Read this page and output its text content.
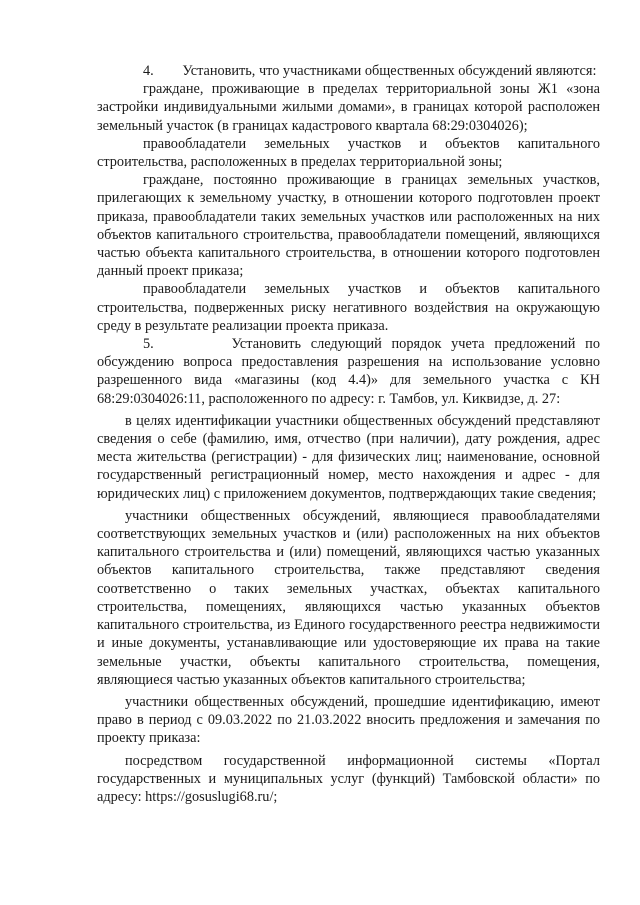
4.        Установить, что участниками общественных обсуждений являются:

граждане, проживающие в пределах территориальной зоны Ж1 «зона застройки индивидуальными жилыми домами», в границах которой расположен земельный участок (в границах кадастрового квартала 68:29:0304026);

правообладатели земельных участков и объектов капитального строительства, расположенных в пределах территориальной зоны;

граждане, постоянно проживающие в границах земельных участков, прилегающих к земельному участку, в отношении которого подготовлен проект приказа, правообладатели таких земельных участков или расположенных на них объектов капитального строительства, правообладатели помещений, являющихся частью объекта капитального строительства, в отношении которого подготовлен данный проект приказа;

правообладатели земельных участков и объектов капитального строительства, подверженных риску негативного воздействия на окружающую среду в результате реализации проекта приказа.

5.        Установить следующий порядок учета предложений по обсуждению вопроса предоставления разрешения на использование условно разрешенного вида «магазины (код 4.4)» для земельного участка с КН 68:29:0304026:11, расположенного по адресу: г. Тамбов, ул. Киквидзе, д. 27:

в целях идентификации участники общественных обсуждений представляют сведения о себе (фамилию, имя, отчество (при наличии), дату рождения, адрес места жительства (регистрации) - для физических лиц; наименование, основной государственный регистрационный номер, место нахождения и адрес - для юридических лиц) с приложением документов, подтверждающих такие сведения;

участники общественных обсуждений, являющиеся правообладателями соответствующих земельных участков и (или) расположенных на них объектов капитального строительства и (или) помещений, являющихся частью указанных объектов капитального строительства, также представляют сведения соответственно о таких земельных участках, объектах капитального строительства, помещениях, являющихся частью указанных объектов капитального строительства, из Единого государственного реестра недвижимости и иные документы, устанавливающие или удостоверяющие их права на такие земельные участки, объекты капитального строительства, помещения, являющиеся частью указанных объектов капитального строительства;

участники общественных обсуждений, прошедшие идентификацию, имеют право в период с 09.03.2022 по 21.03.2022 вносить предложения и замечания по проекту приказа:

посредством государственной информационной системы «Портал государственных и муниципальных услуг (функций) Тамбовской области» по адресу: https://gosuslugi68.ru/;
